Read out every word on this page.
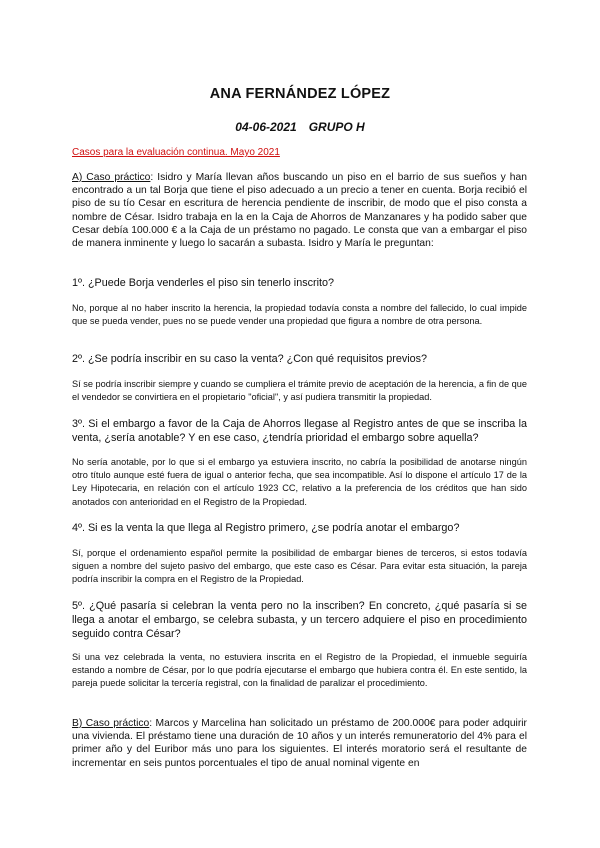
ANA FERNÁNDEZ LÓPEZ
04-06-2021 GRUPO H
Casos para la evaluación continua. Mayo 2021
A) Caso práctico: Isidro y María llevan años buscando un piso en el barrio de sus sueños y han encontrado a un tal Borja que tiene el piso adecuado a un precio a tener en cuenta. Borja recibió el piso de su tío Cesar en escritura de herencia pendiente de inscribir, de modo que el piso consta a nombre de César. Isidro trabaja en la en la Caja de Ahorros de Manzanares y ha podido saber que Cesar debía 100.000 € a la Caja de un préstamo no pagado. Le consta que van a embargar el piso de manera inminente y luego lo sacarán a subasta. Isidro y María le preguntan:
1º. ¿Puede Borja venderles el piso sin tenerlo inscrito?
No, porque al no haber inscrito la herencia, la propiedad todavía consta a nombre del fallecido, lo cual impide que se pueda vender, pues no se puede vender una propiedad que figura a nombre de otra persona.
2º. ¿Se podría inscribir en su caso la venta? ¿Con qué requisitos previos?
Sí se podría inscribir siempre y cuando se cumpliera el trámite previo de aceptación de la herencia, a fin de que el vendedor se convirtiera en el propietario "oficial", y así pudiera transmitir la propiedad.
3º. Si el embargo a favor de la Caja de Ahorros llegase al Registro antes de que se inscriba la venta, ¿sería anotable? Y en ese caso, ¿tendría prioridad el embargo sobre aquella?
No sería anotable, por lo que si el embargo ya estuviera inscrito, no cabría la posibilidad de anotarse ningún otro título aunque esté fuera de igual o anterior fecha, que sea incompatible. Así lo dispone el artículo 17 de la Ley Hipotecaria, en relación con el artículo 1923 CC, relativo a la preferencia de los créditos que han sido anotados con anterioridad en el Registro de la Propiedad.
4º. Si es la venta la que llega al Registro primero, ¿se podría anotar el embargo?
Sí, porque el ordenamiento español permite la posibilidad de embargar bienes de terceros, si estos todavía siguen a nombre del sujeto pasivo del embargo, que este caso es César. Para evitar esta situación, la pareja podría inscribir la compra en el Registro de la Propiedad.
5º. ¿Qué pasaría si celebran la venta pero no la inscriben? En concreto, ¿qué pasaría si se llega a anotar el embargo, se celebra subasta, y un tercero adquiere el piso en procedimiento seguido contra César?
Si una vez celebrada la venta, no estuviera inscrita en el Registro de la Propiedad, el inmueble seguiría estando a nombre de César, por lo que podría ejecutarse el embargo que hubiera contra él. En este sentido, la pareja puede solicitar la tercería registral, con la finalidad de paralizar el procedimiento.
B) Caso práctico: Marcos y Marcelina han solicitado un préstamo de 200.000€ para poder adquirir una vivienda. El préstamo tiene una duración de 10 años y un interés remuneratorio del 4% para el primer año y del Euribor más uno para los siguientes. El interés moratorio será el resultante de incrementar en seis puntos porcentuales el tipo de anual nominal vigente en
